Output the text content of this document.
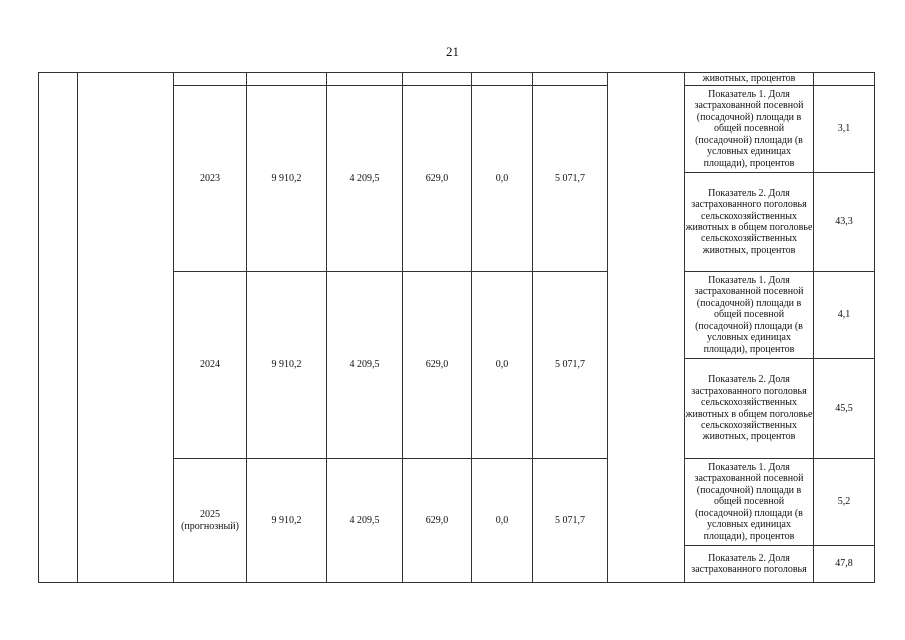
21

									животных, процентов	

		2023	9 910,2	4 209,5	629,0	0,0	5 071,7		Показатель 1. Доля застрахованной посевной (посадочной) площади в общей посевной (посадочной) площади (в условных единицах площади), процентов	3,1

									Показатель 2. Доля застрахованного поголовья сельскохозяйственных животных в общем поголовье сельскохозяйственных животных, процентов	43,3
		2024	9 910,2	4 209,5	629,0	0,0	5 071,7		Показатель 1. Доля застрахованной посевной (посадочной) площади в общей посевной (посадочной) площади (в условных единицах площади), процентов	4,1

									Показатель 2. Доля застрахованного поголовья сельскохозяйственных животных в общем поголовье сельскохозяйственных животных, процентов	45,5
		2025 (прогнозный)	9 910,2	4 209,5	629,0	0,0	5 071,7		Показатель 1. Доля застрахованной посевной (посадочной) площади в общей посевной (посадочной) площади (в условных единицах площади), процентов	5,2

									Показатель 2. Доля застрахованного поголовья	47,8
